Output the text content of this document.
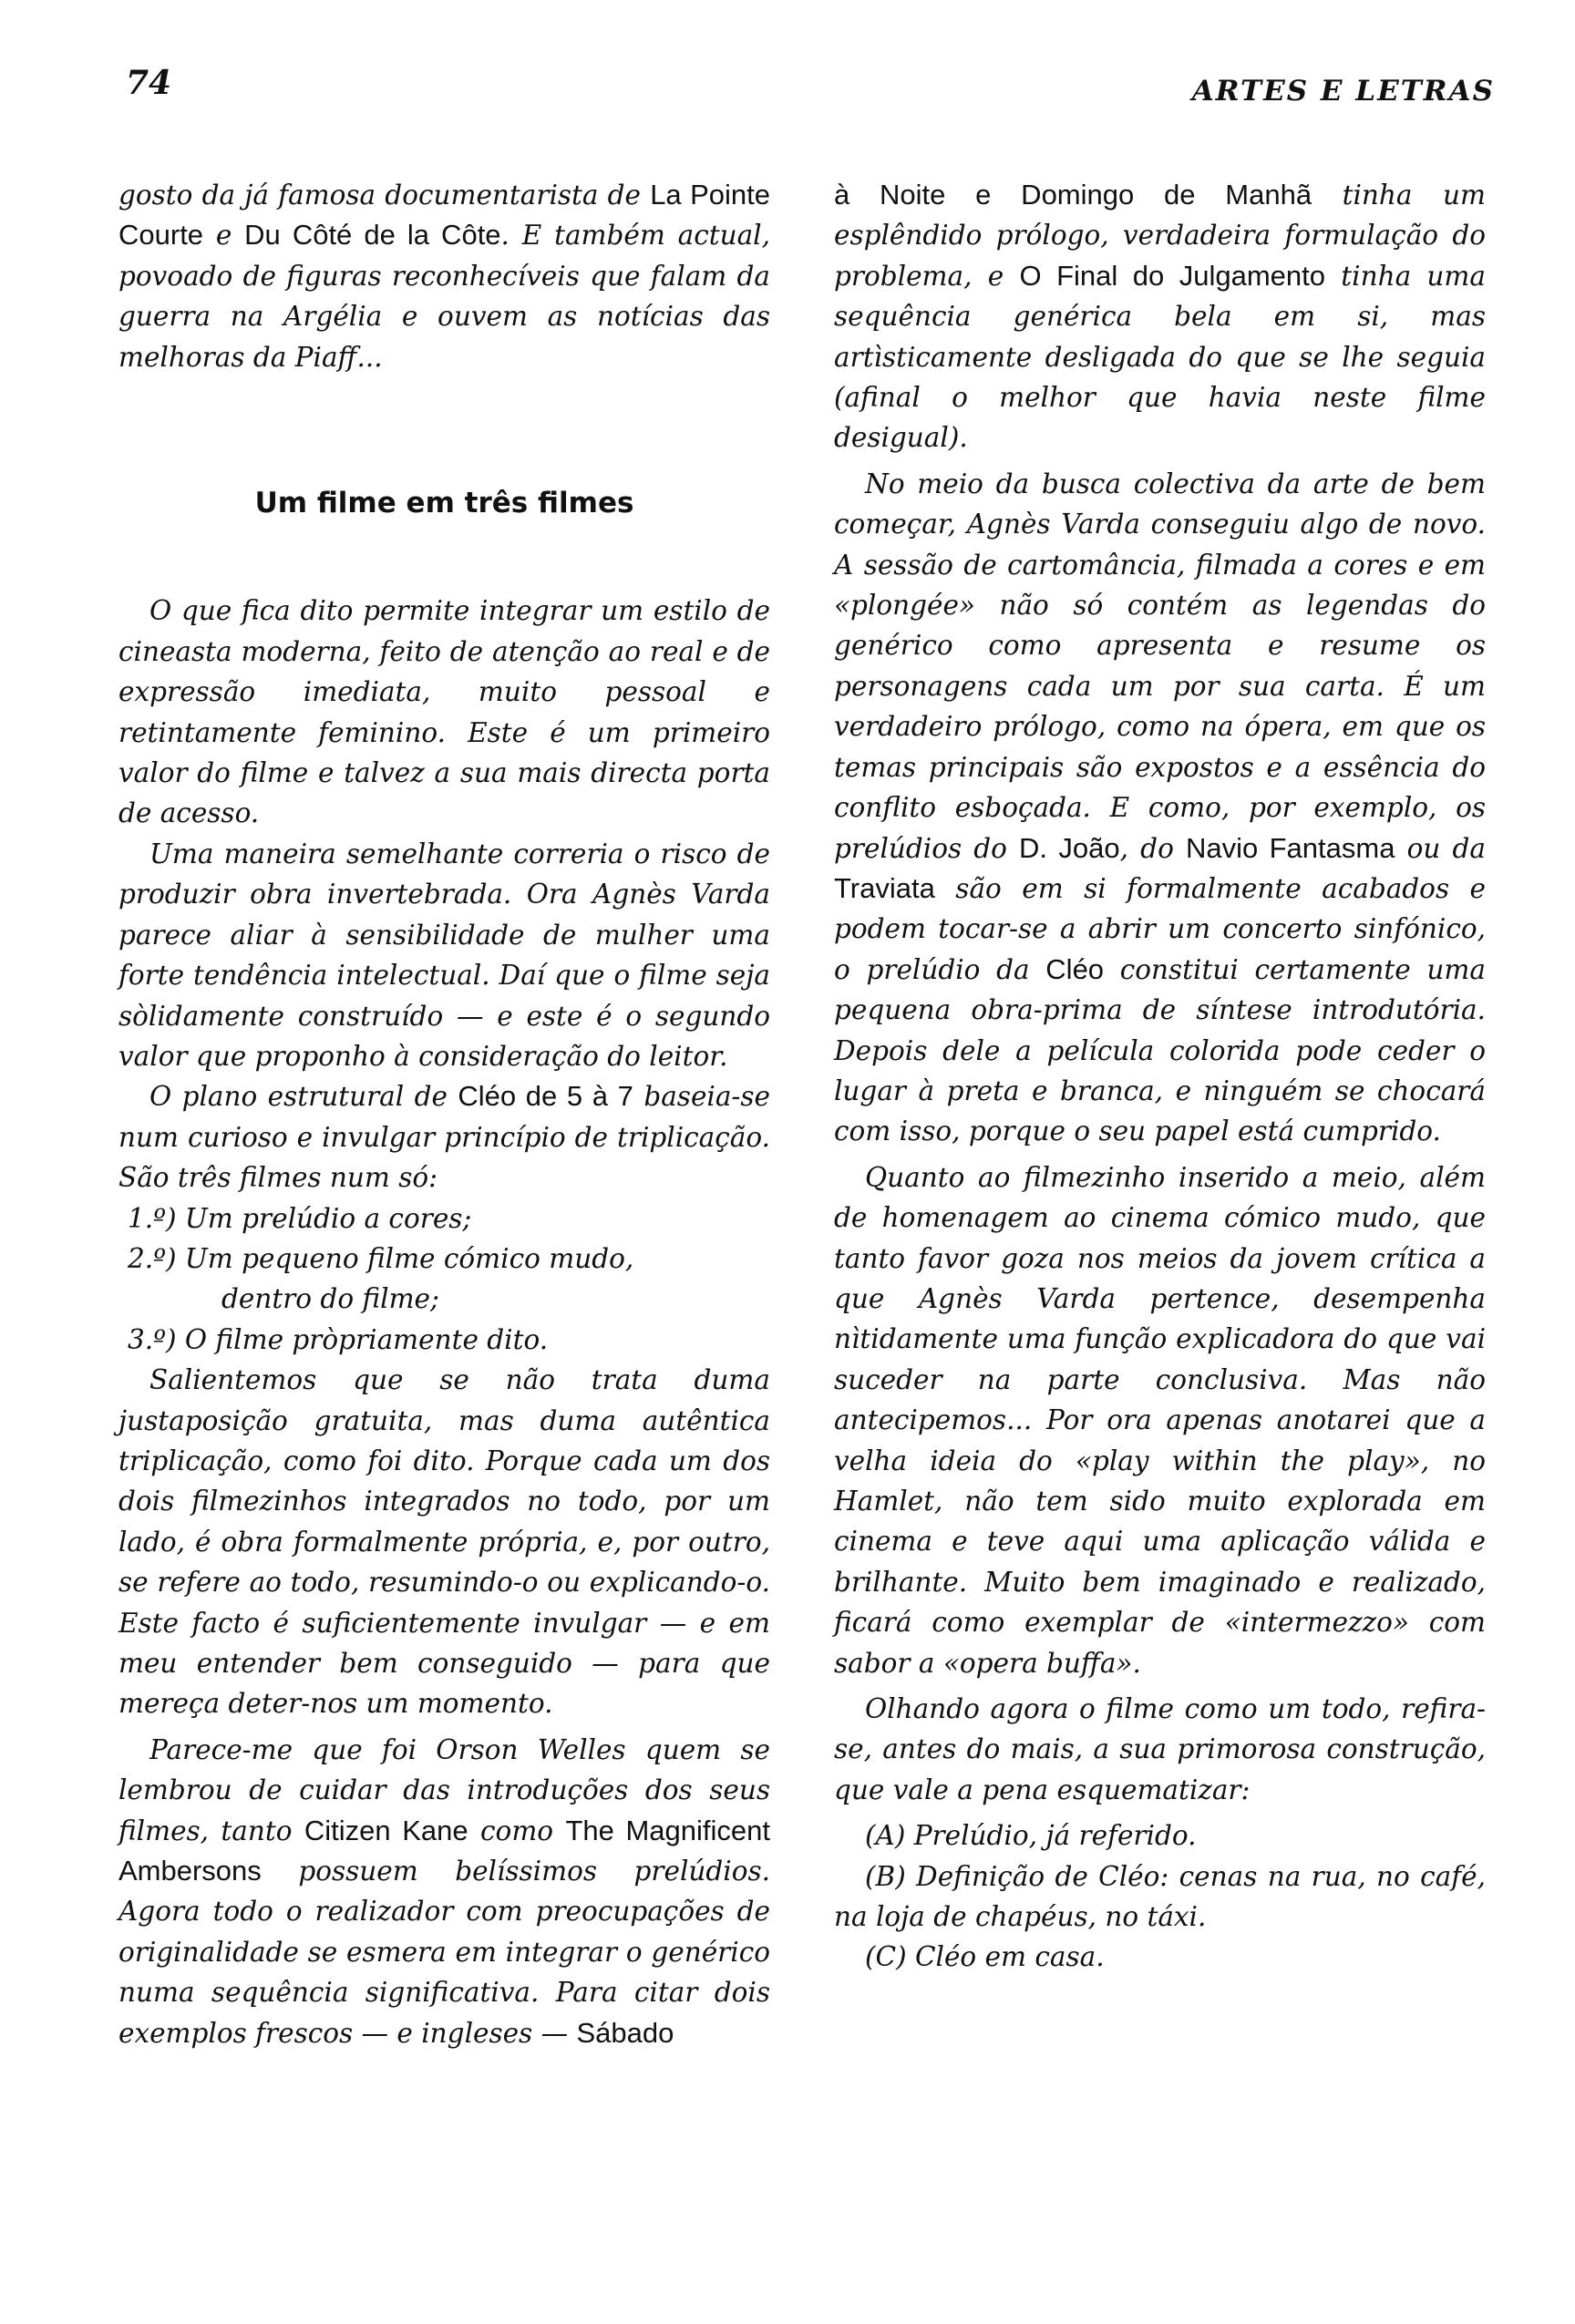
74	ARTES E LETRAS

gosto da já famosa documentarista de La Pointe Courte e Du Côté de la Côte. E também actual, povoado de figuras reconhecíveis que falam da guerra na Argélia e ouvem as notícias das melhoras da Piaff...

Um filme em três filmes

O que fica dito permite integrar um estilo de cineasta moderna, feito de atenção ao real e de expressão imediata, muito pessoal e retintamente feminino. Este é um primeiro valor do filme e talvez a sua mais directa porta de acesso.

Uma maneira semelhante correria o risco de produzir obra invertebrada. Ora Agnès Varda parece aliar à sensibilidade de mulher uma forte tendência intelectual. Daí que o filme seja sòlidamente construído — e este é o segundo valor que proponho à consideração do leitor.

O plano estrutural de Cléo de 5 à 7 baseia-se num curioso e invulgar princípio de triplicação. São três filmes num só:

1.º) Um prelúdio a cores;

2.º) Um pequeno filme cómico mudo,
dentro do filme;

3.º) O filme pròpriamente dito.

Salientemos que se não trata duma justaposição gratuita, mas duma autêntica triplicação, como foi dito. Porque cada um dos dois filmezinhos integrados no todo, por um lado, é obra formalmente própria, e, por outro, se refere ao todo, resumindo-o ou explicando-o. Este facto é suficientemente invulgar — e em meu entender bem conseguido — para que mereça deter-nos um momento.

Parece-me que foi Orson Welles quem se lembrou de cuidar das introduções dos seus filmes, tanto Citizen Kane como The Magnificent Ambersons possuem belíssimos prelúdios. Agora todo o realizador com preocupações de originalidade se esmera em integrar o genérico numa sequência significativa. Para citar dois exemplos frescos — e ingleses — Sábado

à Noite e Domingo de Manhã tinha um esplêndido prólogo, verdadeira formulação do problema, e O Final do Julgamento tinha uma sequência genérica bela em si, mas artìsticamente desligada do que se lhe seguia (afinal o melhor que havia neste filme desigual).

No meio da busca colectiva da arte de bem começar, Agnès Varda conseguiu algo de novo. A sessão de cartomância, filmada a cores e em «plongée» não só contém as legendas do genérico como apresenta e resume os personagens cada um por sua carta. É um verdadeiro prólogo, como na ópera, em que os temas principais são expostos e a essência do conflito esboçada. E como, por exemplo, os prelúdios do D. João, do Navio Fantasma ou da Traviata são em si formalmente acabados e podem tocar-se a abrir um concerto sinfónico, o prelúdio da Cléo constitui certamente uma pequena obra-prima de síntese introdutória. Depois dele a película colorida pode ceder o lugar à preta e branca, e ninguém se chocará com isso, porque o seu papel está cumprido.

Quanto ao filmezinho inserido a meio, além de homenagem ao cinema cómico mudo, que tanto favor goza nos meios da jovem crítica a que Agnès Varda pertence, desempenha nìtidamente uma função explicadora do que vai suceder na parte conclusiva. Mas não antecipemos... Por ora apenas anotarei que a velha ideia do «play within the play», no Hamlet, não tem sido muito explorada em cinema e teve aqui uma aplicação válida e brilhante. Muito bem imaginado e realizado, ficará como exemplar de «intermezzo» com sabor a «opera buffa».

Olhando agora o filme como um todo, refira-se, antes do mais, a sua primorosa construção, que vale a pena esquematizar:

(A) Prelúdio, já referido.

(B) Definição de Cléo: cenas na rua, no café, na loja de chapéus, no táxi.

(C) Cléo em casa.
